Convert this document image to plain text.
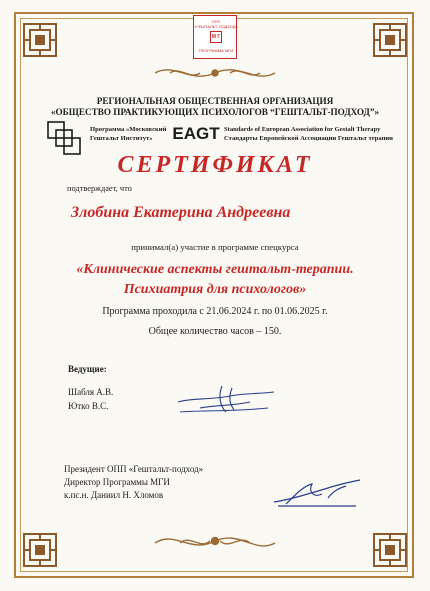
ОПП
«ГЕШТАЛЬТ-ПОДХОД»
М Г
ПРОГРАММА МГИ
РЕГИОНАЛЬНАЯ ОБЩЕСТВЕННАЯ ОРГАНИЗАЦИЯ
«ОБЩЕСТВО ПРАКТИКУЮЩИХ ПСИХОЛОГОВ “ГЕШТАЛЬТ-ПОДХОД”»
Программа «Московский
Гештальт Институт» EAGT Standards of European Association for Gestalt Therapy
Стандарты Европейской Ассоциации Гештальт терапии
СЕРТИФИКАТ
подтверждает, что
Злобина Екатерина Андреевна
принимал(а) участие в программе спецкурса
«Клинические аспекты гештальт-терапии.
Психиатрия для психологов»
Программа проходила с 21.06.2024 г. по 01.06.2025 г.
Общее количество часов – 150.
Ведущие:
Шабля А.В.
Ютко В.С.
Президент ОПП «Гештальт-подход»
Директор Программы МГИ
к.пс.н. Даниил Н. Хломов
